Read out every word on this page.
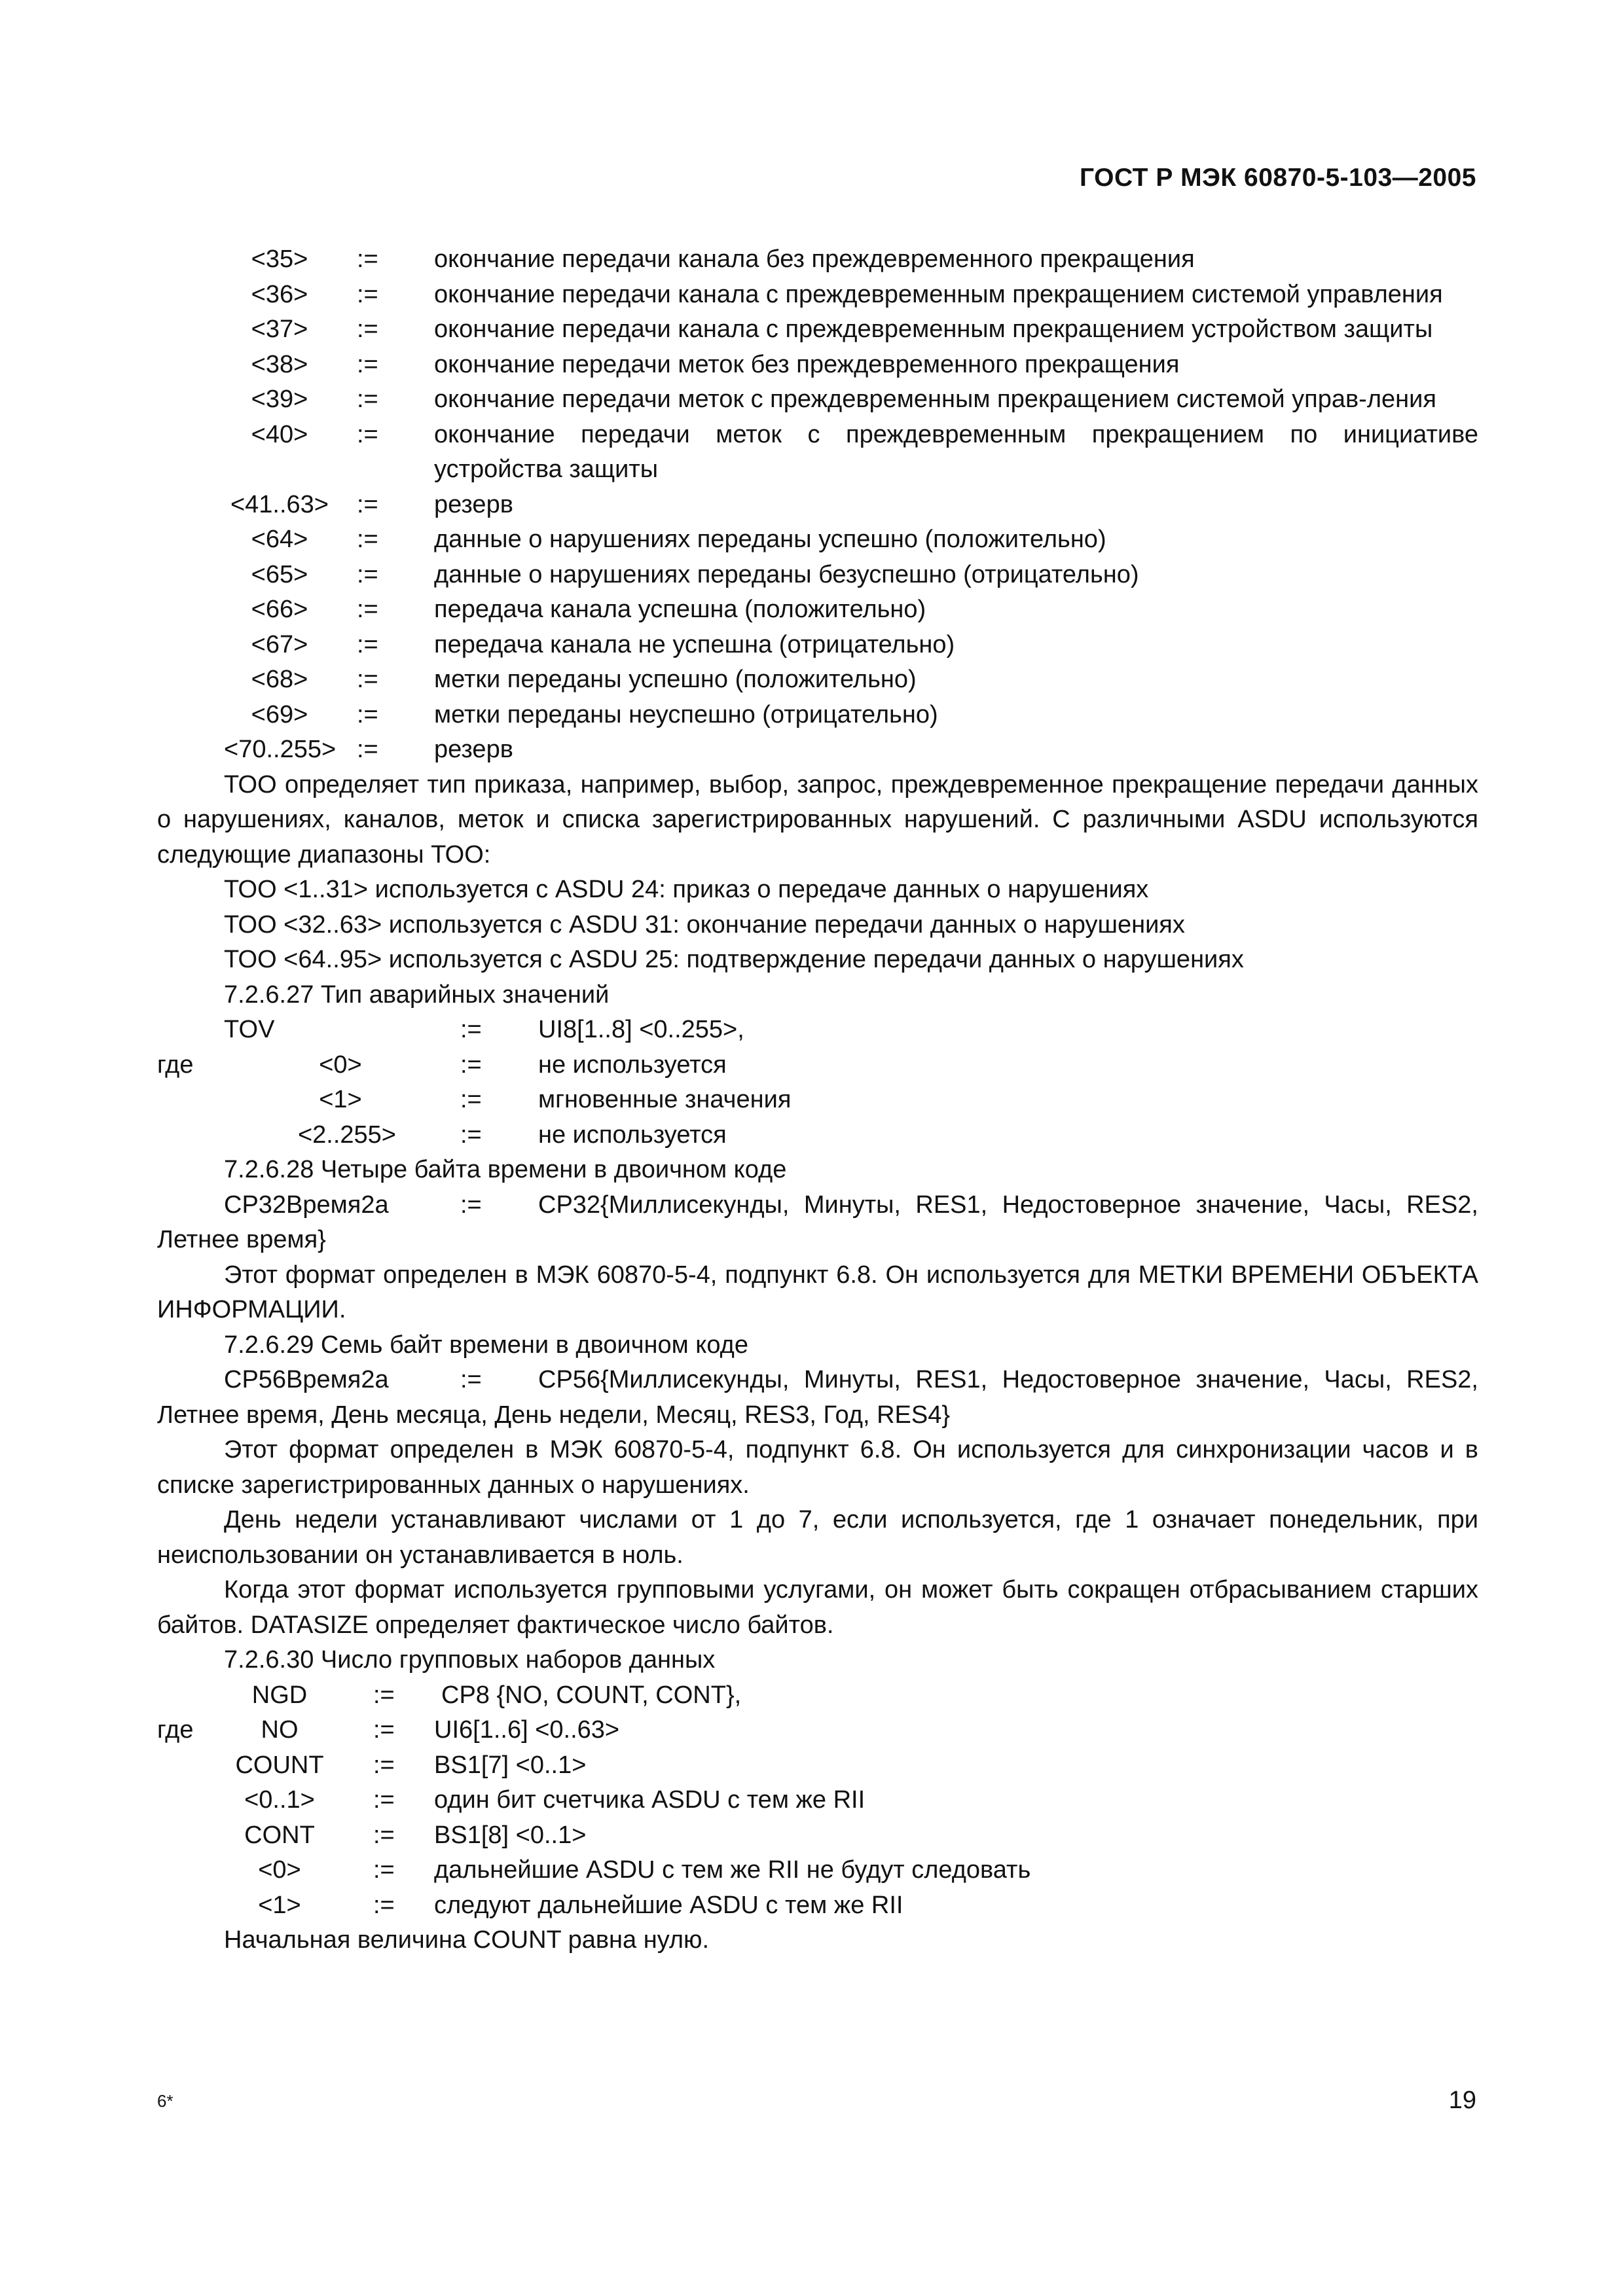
ГОСТ Р МЭК 60870-5-103—2005
<35>	:= окончание передачи канала без преждевременного прекращения
<36>	:= окончание передачи канала с преждевременным прекращением системой управления
<37>	:= окончание передачи канала с преждевременным прекращением устройством защиты
<38>	:= окончание передачи меток без преждевременного прекращения
<39>	:= окончание передачи меток с преждевременным прекращением системой управ-ления
<40>	:= окончание передачи меток с преждевременным прекращением по инициативе устройства защиты
<41..63> := резерв
<64>	:= данные о нарушениях переданы успешно (положительно)
<65>	:= данные о нарушениях переданы безуспешно (отрицательно)
<66>	:= передача канала успешна (положительно)
<67>	:= передача канала не успешна (отрицательно)
<68>	:= метки переданы успешно (положительно)
<69>	:= метки переданы неуспешно (отрицательно)
<70..255> := резерв
ТОО определяет тип приказа, например, выбор, запрос, преждевременное прекращение передачи данных о нарушениях, каналов, меток и списка зарегистрированных нарушений. С различными ASDU используются следующие диапазоны ТОО:
ТОО <1..31> используется с ASDU 24: приказ о передаче данных о нарушениях
ТОО <32..63> используется с ASDU 31: окончание передачи данных о нарушениях
ТОО <64..95> используется с ASDU 25: подтверждение передачи данных о нарушениях
7.2.6.27 Тип аварийных значений
TOV	:= UI8[1..8] <0..255>,
где	<0>	:= не используется
<1>	:= мгновенные значения
<2..255>	:= не используется
7.2.6.28 Четыре байта времени в двоичном коде
CP32Время2а	:= CP32{Миллисекунды, Минуты, RES1, Недостоверное значение, Часы, RES2,
Летнее время}
Этот формат определен в МЭК 60870-5-4, подпункт 6.8. Он используется для МЕТКИ ВРЕМЕНИ ОБЪЕКТА ИНФОРМАЦИИ.
7.2.6.29 Семь байт времени в двоичном коде
CP56Время2а	:= CP56{Миллисекунды, Минуты, RES1, Недостоверное значение, Часы, RES2,
Летнее время, День месяца, День недели, Месяц, RES3, Год, RES4}
Этот формат определен в МЭК 60870-5-4, подпункт 6.8. Он используется для синхронизации часов и в списке зарегистрированных данных о нарушениях.
День недели устанавливают числами от 1 до 7, если используется, где 1 означает понедельник, при неиспользовании он устанавливается в ноль.
Когда этот формат используется групповыми услугами, он может быть сокращен отбрасыванием старших байтов. DATASIZE определяет фактическое число байтов.
7.2.6.30 Число групповых наборов данных
NGD	:= CP8 {NO, COUNT, CONT},
где	NO	:= UI6[1..6] <0..63>
COUNT	:= BS1[7] <0..1>
<0..1>	:= один бит счетчика ASDU с тем же RII
CONT	:= BS1[8] <0..1>
<0>	:= дальнейшие ASDU с тем же RII не будут следовать
<1>	:= следуют дальнейшие ASDU с тем же RII
Начальная величина COUNT равна нулю.
6*	19
